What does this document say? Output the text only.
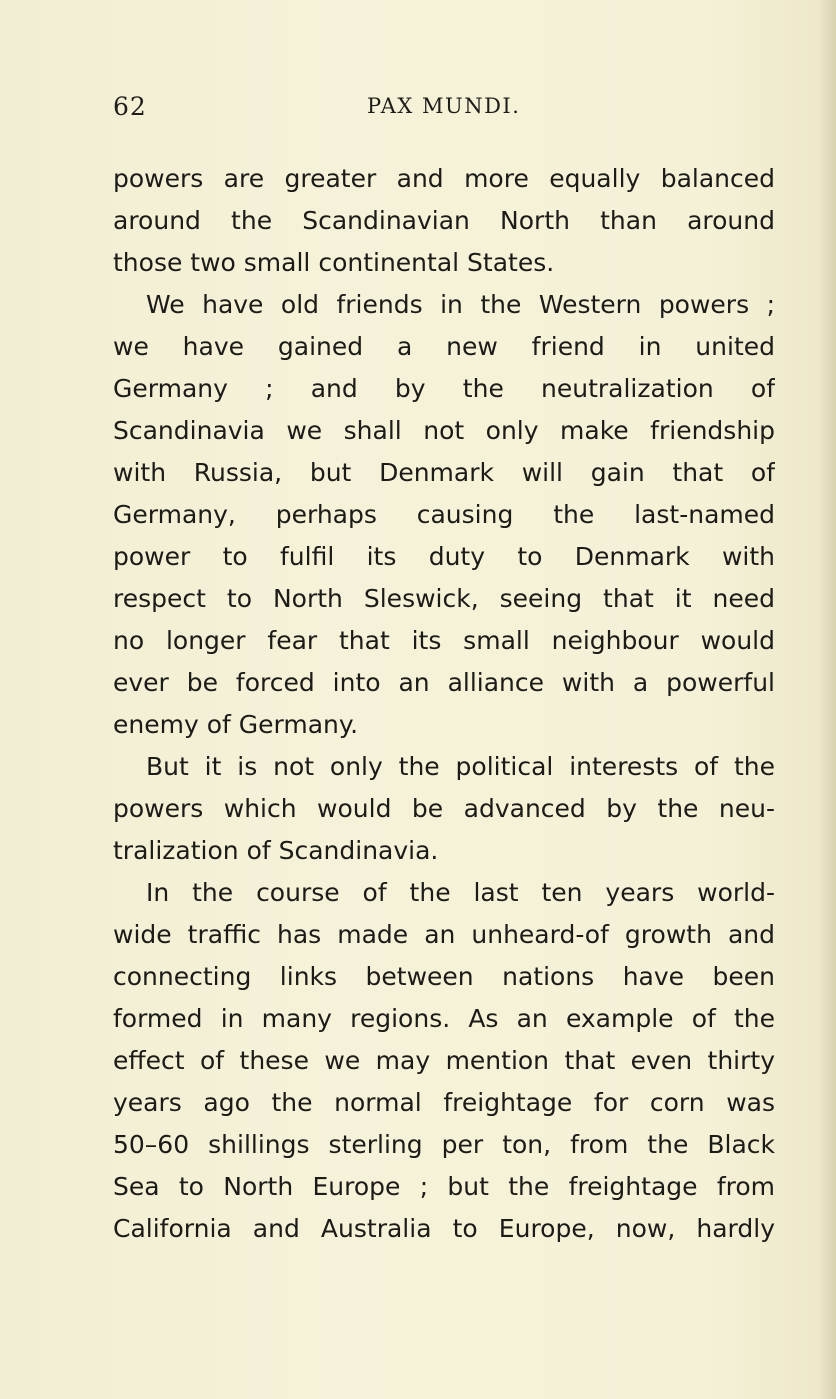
62	PAX MUNDI.
powers are greater and more equally balanced
around the Scandinavian North than around
those two small continental States.
We have old friends in the Western powers ;
we have gained a new friend in united
Germany ; and by the neutralization of
Scandinavia we shall not only make friendship
with Russia, but Denmark will gain that of
Germany, perhaps causing the last-named
power to fulfil its duty to Denmark with
respect to North Sleswick, seeing that it need
no longer fear that its small neighbour would
ever be forced into an alliance with a powerful
enemy of Germany.
But it is not only the political interests of the
powers which would be advanced by the neu-
tralization of Scandinavia.
In the course of the last ten years world-
wide traffic has made an unheard-of growth and
connecting links between nations have been
formed in many regions. As an example of the
effect of these we may mention that even thirty
years ago the normal freightage for corn was
50–60 shillings sterling per ton, from the Black
Sea to North Europe ; but the freightage from
California and Australia to Europe, now, hardly
